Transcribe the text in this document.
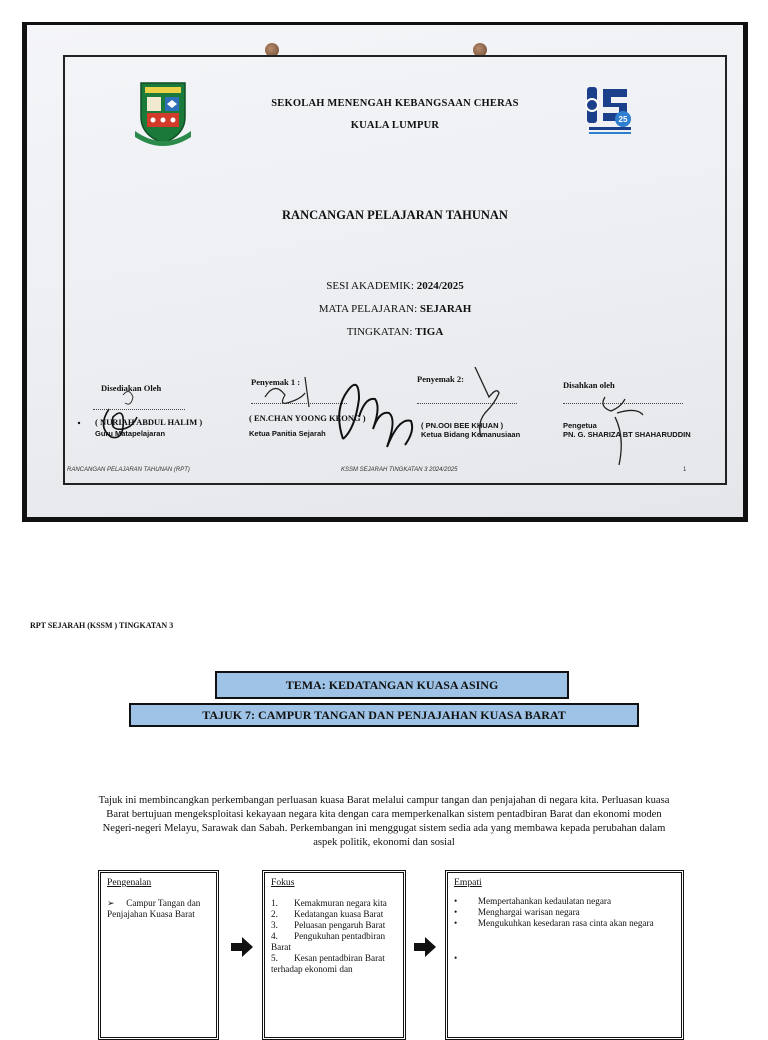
SEKOLAH MENENGAH KEBANGSAAN CHERAS
KUALA LUMPUR
25
RANCANGAN PELAJARAN TAHUNAN
SESI AKADEMIK: 2024/2025
MATA PELAJARAN: SEJARAH
TINGKATAN: TIGA
Disediakan Oleh
( NURIAH ABDUL HALIM )
Guru Matapelajaran
Penyemak 1 :
( EN.CHAN YOONG KEONG )
Ketua Panitia Sejarah
Penyemak 2:
( PN.OOI BEE KHUAN )
Ketua Bidang Kemanusiaan
Disahkan oleh
Pengetua
PN. G. SHARIZA BT SHAHARUDDIN
RANCANGAN PELAJARAN TAHUNAN (RPT)	KSSM SEJARAH TINGKATAN 3 2024/2025	1
RPT SEJARAH (KSSM ) TINGKATAN 3
TEMA: KEDATANGAN KUASA ASING
TAJUK 7: CAMPUR TANGAN DAN PENJAJAHAN KUASA BARAT
Tajuk ini membincangkan perkembangan perluasan kuasa Barat melalui campur tangan dan penjajahan di negara kita. Perluasan kuasa
Barat bertujuan mengeksploitasi kekayaan negara kita dengan cara memperkenalkan sistem pentadbiran Barat dan ekonomi moden
Negeri-negeri Melayu, Sarawak dan Sabah. Perkembangan ini menggugat sistem sedia ada yang membawa kepada perubahan dalam
aspek politik, ekonomi dan sosial
Pengenalan
➢ Campur Tangan dan Penjajahan Kuasa Barat
Fokus
1.       Kemakmuran negara kita
2.       Kedatangan kuasa Barat
3.       Peluasan pengaruh Barat
4.       Pengukuhan pentadbiran Barat
5.       Kesan pentadbiran Barat terhadap ekonomi dan
Empati
• Mempertahankan kedaulatan negara
• Menghargai warisan negara
• Mengukuhkan kesedaran rasa cinta akan negara
•
